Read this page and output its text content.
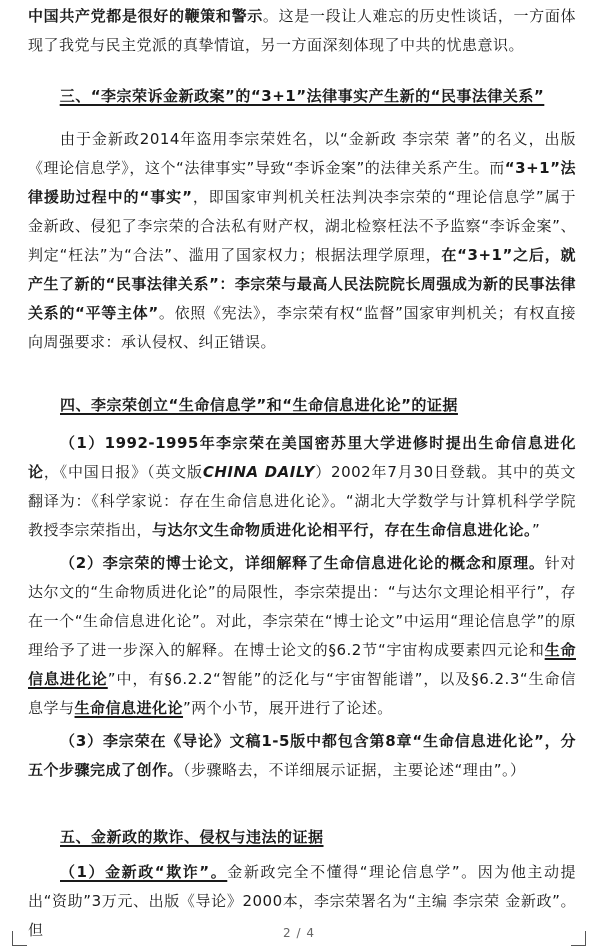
中国共产党都是很好的鞭策和警示。这是一段让人难忘的历史性谈话，一方面体现了我党与民主党派的真挚情谊，另一方面深刻体现了中共的忧患意识。

三、“李宗荣诉金新政案”的“3+1”法律事实产生新的“民事法律关系”

由于金新政2014年盗用李宗荣姓名，以“金新政 李宗荣 著”的名义，出版《理论信息学》，这个“法律事实”导致“李诉金案”的法律关系产生。而“3+1”法律援助过程中的“事实”，即国家审判机关枉法判决李宗荣的“理论信息学”属于金新政、侵犯了李宗荣的合法私有财产权，湖北检察枉法不予监察“李诉金案”、判定“枉法”为“合法”、滥用了国家权力；根据法理学原理，在“3+1”之后，就产生了新的“民事法律关系”：李宗荣与最高人民法院院长周强成为新的民事法律关系的“平等主体”。依照《宪法》，李宗荣有权“监督”国家审判机关；有权直接向周强要求：承认侵权、纠正错误。

四、李宗荣创立“生命信息学”和“生命信息进化论”的证据

（1）1992-1995年李宗荣在美国密苏里大学进修时提出生命信息进化论，《中国日报》（英文版CHINA DAILY）2002年7月30日登载。其中的英文翻译为：《科学家说：存在生命信息进化论》。“湖北大学数学与计算机科学学院教授李宗荣指出，与达尔文生命物质进化论相平行，存在生命信息进化论。”

（2）李宗荣的博士论文，详细解释了生命信息进化论的概念和原理。针对达尔文的“生命物质进化论”的局限性，李宗荣提出：“与达尔文理论相平行”，存在一个“生命信息进化论”。对此，李宗荣在“博士论文”中运用“理论信息学”的原理给予了进一步深入的解释。在博士论文的§6.2节“宇宙构成要素四元论和生命信息进化论”中，有§6.2.2“智能”的泛化与“宇宙智能谱”，以及§6.2.3“生命信息学与生命信息进化论”两个小节，展开进行了论述。

（3）李宗荣在《导论》文稿1-5版中都包含第8章“生命信息进化论”，分五个步骤完成了创作。（步骤略去，不详细展示证据，主要论述“理由”。）

五、金新政的欺诈、侵权与违法的证据

（1）金新政“欺诈”。金新政完全不懂得“理论信息学”。因为他主动提出“资助”3万元、出版《导论》2000本，李宗荣署名为“主编 李宗荣 金新政”。但	2 / 4
